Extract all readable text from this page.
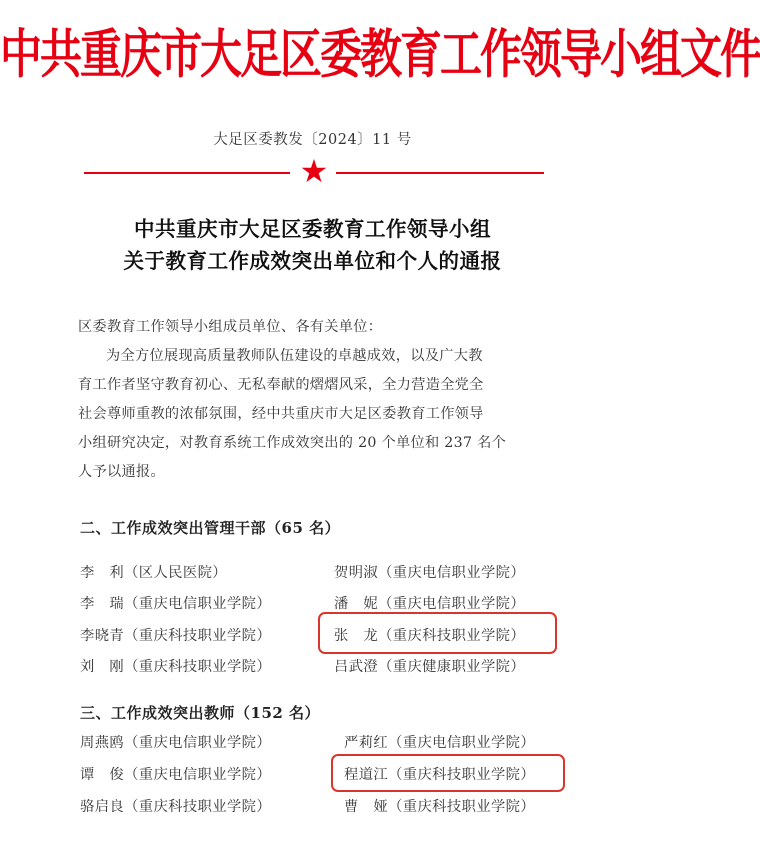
中共重庆市大足区委教育工作领导小组文件
大足区委教发〔2024〕11 号
★
中共重庆市大足区委教育工作领导小组
关于教育工作成效突出单位和个人的通报
区委教育工作领导小组成员单位、各有关单位：
为全方位展现高质量教师队伍建设的卓越成效，以及广大教
育工作者坚守教育初心、无私奉献的熠熠风采，全力营造全党全
社会尊师重教的浓郁氛围，经中共重庆市大足区委教育工作领导
小组研究决定，对教育系统工作成效突出的 20 个单位和 237 名个
人予以通报。
二、工作成效突出管理干部（65 名）
李　利（区人民医院）	贺明淑（重庆电信职业学院）
李　瑞（重庆电信职业学院）	潘　妮（重庆电信职业学院）
李晓青（重庆科技职业学院）	张　龙（重庆科技职业学院）
刘　刚（重庆科技职业学院）	吕武澄（重庆健康职业学院）
三、工作成效突出教师（152 名）
周燕鸥（重庆电信职业学院）	严莉红（重庆电信职业学院）
谭　俊（重庆电信职业学院）	程道江（重庆科技职业学院）
骆启良（重庆科技职业学院）	曹　娅（重庆科技职业学院）
